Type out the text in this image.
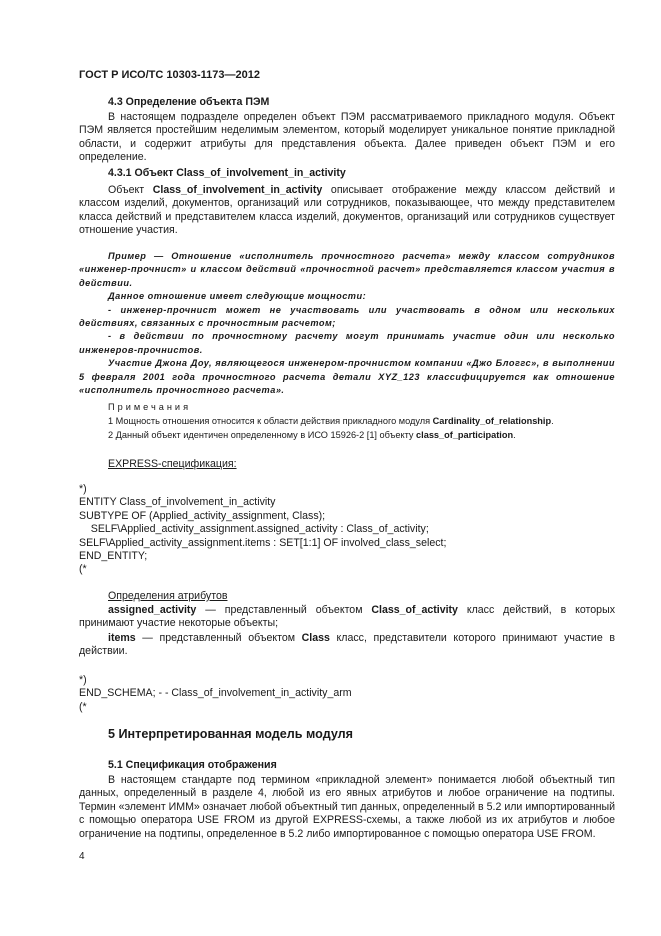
ГОСТ Р ИСО/ТС 10303-1173—2012
4.3 Определение объекта ПЭМ
В настоящем подразделе определен объект ПЭМ рассматриваемого прикладного модуля. Объект ПЭМ является простейшим неделимым элементом, который моделирует уникальное понятие прикладной области, и содержит атрибуты для представления объекта. Далее приведен объект ПЭМ и его определение.
4.3.1 Объект Class_of_involvement_in_activity
Объект Class_of_involvement_in_activity описывает отображение между классом действий и классом изделий, документов, организаций или сотрудников, показывающее, что между представителем класса действий и представителем класса изделий, документов, организаций или сотрудников существует отношение участия.
Пример — Отношение «исполнитель прочностного расчета» между классом сотрудников «инженер-прочнист» и классом действий «прочностной расчет» представляется классом участия в действии.
Данное отношение имеет следующие мощности:
- инженер-прочнист может не участвовать или участвовать в одном или нескольких действиях, связанных с прочностным расчетом;
- в действии по прочностному расчету могут принимать участие один или несколько инженеров-прочнистов.
Участие Джона Доу, являющегося инженером-прочнистом компании «Джо Блоггс», в выполнении 5 февраля 2001 года прочностного расчета детали XYZ_123 классифицируется как отношение «исполнитель прочностного расчета».
Примечания
1 Мощность отношения относится к области действия прикладного модуля Cardinality_of_relationship.
2 Данный объект идентичен определенному в ИСО 15926-2 [1] объекту class_of_participation.
EXPRESS-спецификация:
*)
ENTITY Class_of_involvement_in_activity
SUBTYPE OF (Applied_activity_assignment, Class);
SELF\Applied_activity_assignment.assigned_activity : Class_of_activity;
SELF\Applied_activity_assignment.items : SET[1:1] OF involved_class_select;
END_ENTITY;
(*
Определения атрибутов
assigned_activity — представленный объектом Class_of_activity класс действий, в которых принимают участие некоторые объекты;
items — представленный объектом Class класс, представители которого принимают участие в действии.
*)
END_SCHEMA; - - Class_of_involvement_in_activity_arm
(*
5 Интерпретированная модель модуля
5.1 Спецификация отображения
В настоящем стандарте под термином «прикладной элемент» понимается любой объектный тип данных, определенный в разделе 4, любой из его явных атрибутов и любое ограничение на подтипы. Термин «элемент ИММ» означает любой объектный тип данных, определенный в 5.2 или импортированный с помощью оператора USE FROM из другой EXPRESS-схемы, а также любой из их атрибутов и любое ограничение на подтипы, определенное в 5.2 либо импортированное с помощью оператора USE FROM.
4
